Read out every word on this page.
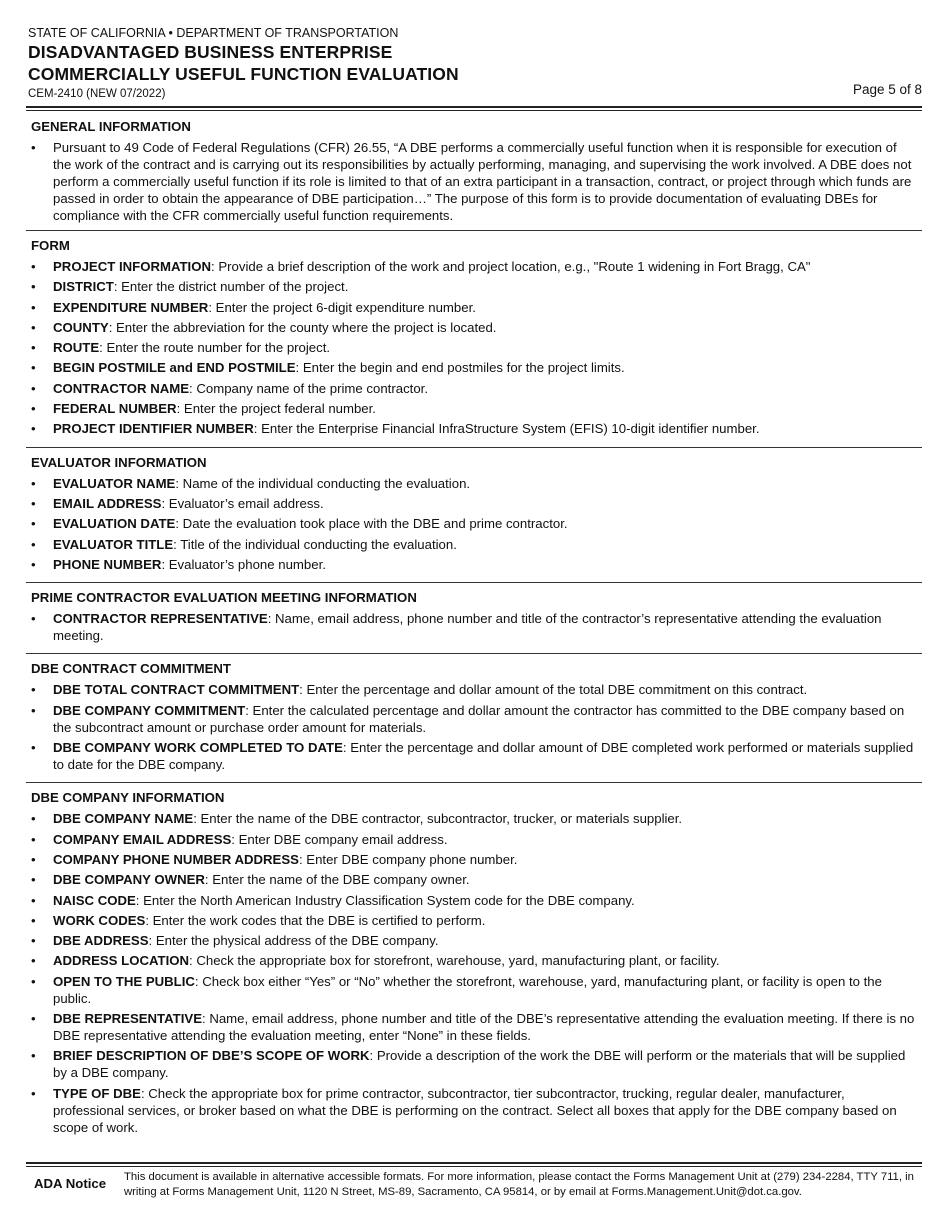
STATE OF CALIFORNIA • DEPARTMENT OF TRANSPORTATION
DISADVANTAGED BUSINESS ENTERPRISE
COMMERCIALLY USEFUL FUNCTION EVALUATION
CEM-2410 (NEW 07/2022)	Page 5 of 8
GENERAL INFORMATION
• Pursuant to 49 Code of Federal Regulations (CFR) 26.55, “A DBE performs a commercially useful function when it is responsible for execution of the work of the contract and is carrying out its responsibilities by actually performing, managing, and supervising the work involved. A DBE does not perform a commercially useful function if its role is limited to that of an extra participant in a transaction, contract, or project through which funds are passed in order to obtain the appearance of DBE participation…” The purpose of this form is to provide documentation of evaluating DBEs for compliance with the CFR commercially useful function requirements.
FORM
• PROJECT INFORMATION: Provide a brief description of the work and project location, e.g., "Route 1 widening in Fort Bragg, CA"
• DISTRICT: Enter the district number of the project.
• EXPENDITURE NUMBER: Enter the project 6-digit expenditure number.
• COUNTY: Enter the abbreviation for the county where the project is located.
• ROUTE: Enter the route number for the project.
• BEGIN POSTMILE and END POSTMILE: Enter the begin and end postmiles for the project limits.
• CONTRACTOR NAME: Company name of the prime contractor.
• FEDERAL NUMBER: Enter the project federal number.
• PROJECT IDENTIFIER NUMBER: Enter the Enterprise Financial InfraStructure System (EFIS) 10-digit identifier number.
EVALUATOR INFORMATION
• EVALUATOR NAME: Name of the individual conducting the evaluation.
• EMAIL ADDRESS: Evaluator’s email address.
• EVALUATION DATE: Date the evaluation took place with the DBE and prime contractor.
• EVALUATOR TITLE: Title of the individual conducting the evaluation.
• PHONE NUMBER: Evaluator’s phone number.
PRIME CONTRACTOR EVALUATION MEETING INFORMATION
• CONTRACTOR REPRESENTATIVE: Name, email address, phone number and title of the contractor’s representative attending the evaluation meeting.
DBE CONTRACT COMMITMENT
• DBE TOTAL CONTRACT COMMITMENT: Enter the percentage and dollar amount of the total DBE commitment on this contract.
• DBE COMPANY COMMITMENT: Enter the calculated percentage and dollar amount the contractor has committed to the DBE company based on the subcontract amount or purchase order amount for materials.
• DBE COMPANY WORK COMPLETED TO DATE: Enter the percentage and dollar amount of DBE completed work performed or materials supplied to date for the DBE company.
DBE COMPANY INFORMATION
• DBE COMPANY NAME: Enter the name of the DBE contractor, subcontractor, trucker, or materials supplier.
• COMPANY EMAIL ADDRESS: Enter DBE company email address.
• COMPANY PHONE NUMBER ADDRESS: Enter DBE company phone number.
• DBE COMPANY OWNER: Enter the name of the DBE company owner.
• NAISC CODE: Enter the North American Industry Classification System code for the DBE company.
• WORK CODES: Enter the work codes that the DBE is certified to perform.
• DBE ADDRESS: Enter the physical address of the DBE company.
• ADDRESS LOCATION: Check the appropriate box for storefront, warehouse, yard, manufacturing plant, or facility.
• OPEN TO THE PUBLIC: Check box either “Yes” or “No” whether the storefront, warehouse, yard, manufacturing plant, or facility is open to the public.
• DBE REPRESENTATIVE: Name, email address, phone number and title of the DBE’s representative attending the evaluation meeting. If there is no DBE representative attending the evaluation meeting, enter “None” in these fields.
• BRIEF DESCRIPTION OF DBE’S SCOPE OF WORK: Provide a description of the work the DBE will perform or the materials that will be supplied by a DBE company.
• TYPE OF DBE: Check the appropriate box for prime contractor, subcontractor, tier subcontractor, trucking, regular dealer, manufacturer, professional services, or broker based on what the DBE is performing on the contract. Select all boxes that apply for the DBE company based on scope of work.
ADA Notice This document is available in alternative accessible formats. For more information, please contact the Forms Management Unit at (279) 234-2284, TTY 711, in writing at Forms Management Unit, 1120 N Street, MS-89, Sacramento, CA 95814, or by email at Forms.Management.Unit@dot.ca.gov.
